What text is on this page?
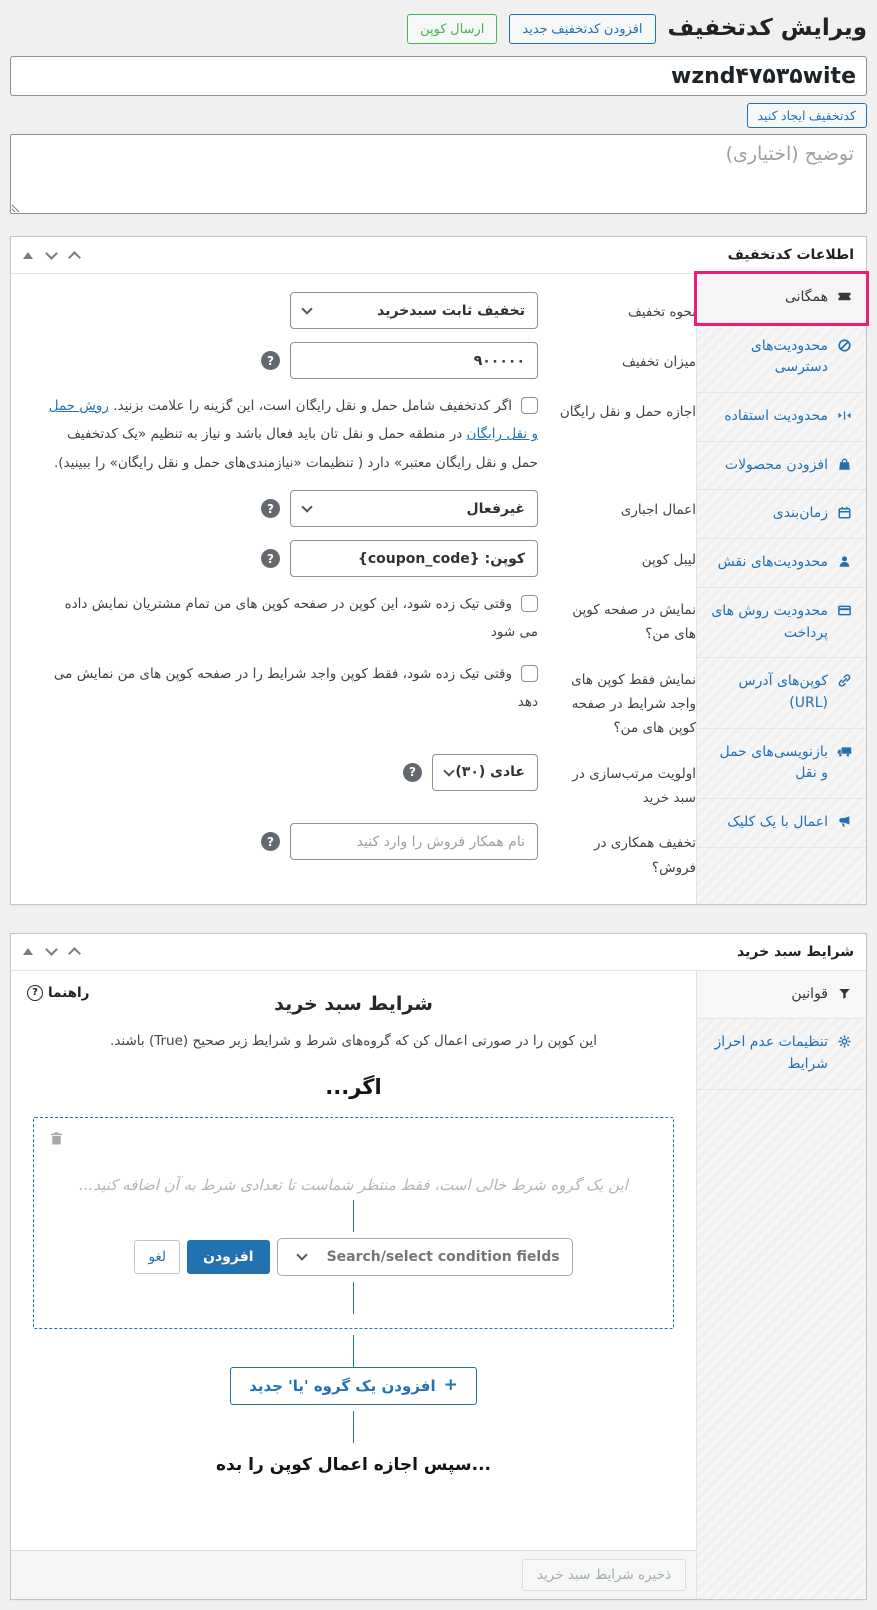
ویرایش کدتخفیف
افزودن کدتخفیف جدید
ارسال کوپن
wznd۴۷۵۳۵wite
کدتخفیف ایجاد کنید
توضیح (اختیاری)
اطلاعات کدتخفیف
همگانی
محدودیت‌های دسترسی
محدودیت استفاده
افزودن محصولات
زمان‌بندی
محدودیت‌های نقش
محدودیت روش های پرداخت
کوپن‌های آدرس (URL)
بازنویسی‌های حمل و نقل
اعمال با یک کلیک
نحوه تخفیف
تخفیف ثابت سبدخرید
میزان تخفیف
۹۰۰۰۰۰
?
اجازه حمل و نقل رایگان
اگر کدتخفیف شامل حمل و نقل رایگان است، این گزینه را علامت بزنید. روش حمل و نقل رایگان در منطقه حمل و نقل تان باید فعال باشد و نیاز به تنظیم «یک کدتخفیف حمل و نقل رایگان معتبر» دارد ( تنظیمات «نیازمندی‌های حمل و نقل رایگان» را ببینید).
اعمال اجباری
غیرفعال
?
لیبل کوپن
کوپن: {coupon_code}
?
نمایش در صفحه کوپن های من؟
وقتی تیک زده شود، این کوپن در صفحه کوپن های من تمام مشتریان نمایش داده می شود
نمایش فقط کوپن های واجد شرایط در صفحه کوپن های من؟
وقتی تیک زده شود، فقط کوپن واجد شرایط را در صفحه کوپن های من نمایش می دهد
اولویت مرتب‌سازی در سبد خرید
عادی (۳۰)
?
تخفیف همکاری در فروش؟
نام همکار فروش را وارد کنید
?
شرایط سبد خرید
قوانین
تنظیمات عدم احراز شرایط
راهنما
?	شرایط سبد خرید
این کوپن را در صورتی اعمال کن که گروه‌های شرط و شرایط زیر صحیح (True) باشند.
اگر...
این یک گروه شرط خالی است، فقط منتظر شماست تا تعدادی شرط به آن اضافه کنید...
Search/select condition fields
افزودن
لغو
+
افزودن یک گروه 'یا' جدید
...سپس اجازه اعمال کوپن را بده
ذخیره شرایط سبد خرید
